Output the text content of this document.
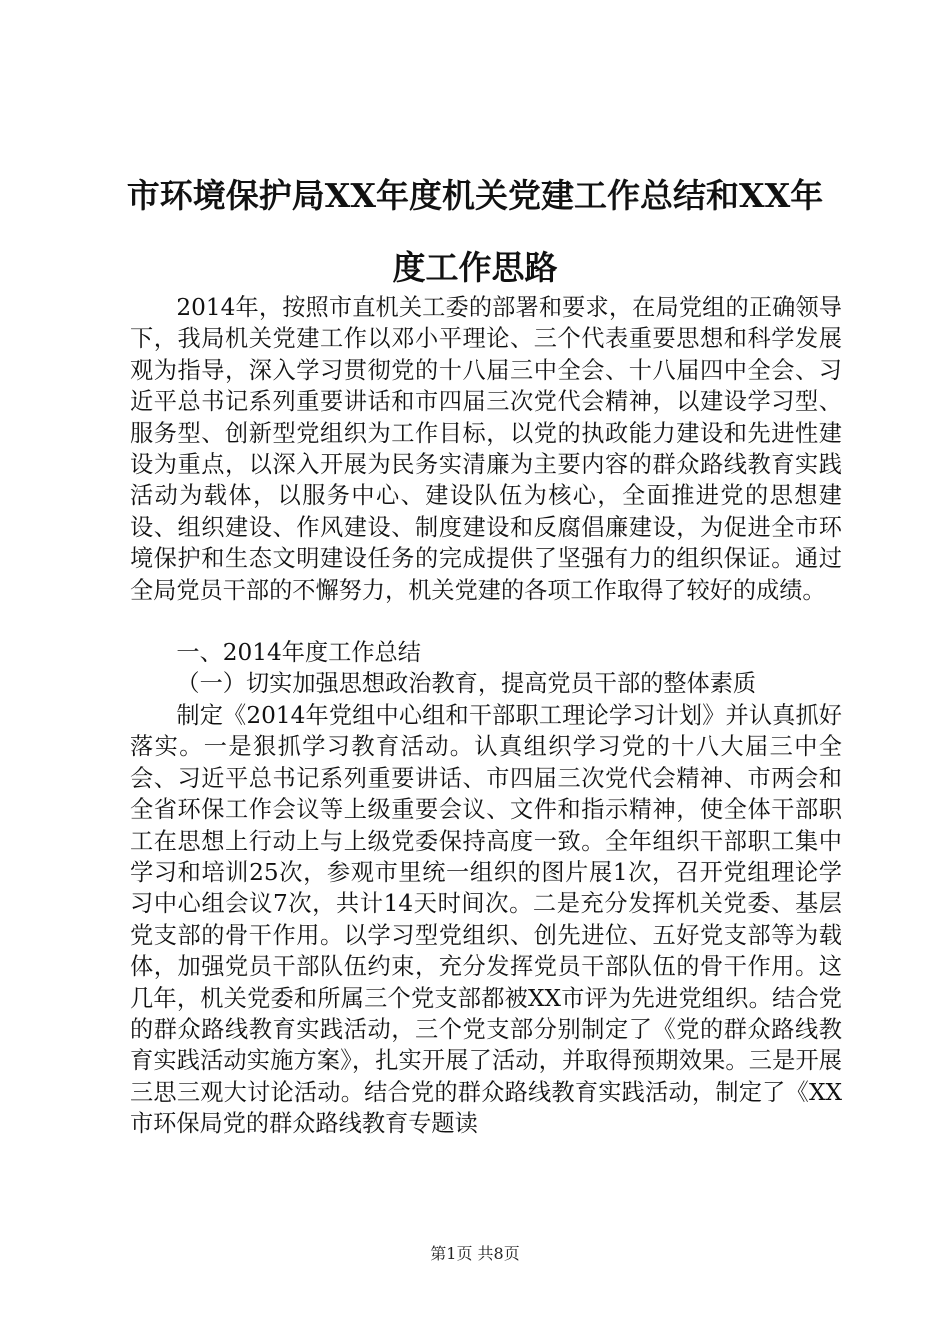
市环境保护局XX年度机关党建工作总结和XX年度工作思路

2014年，按照市直机关工委的部署和要求，在局党组的正确领导下，我局机关党建工作以邓小平理论、三个代表重要思想和科学发展观为指导，深入学习贯彻党的十八届三中全会、十八届四中全会、习近平总书记系列重要讲话和市四届三次党代会精神，以建设学习型、服务型、创新型党组织为工作目标，以党的执政能力建设和先进性建设为重点，以深入开展为民务实清廉为主要内容的群众路线教育实践活动为载体，以服务中心、建设队伍为核心，全面推进党的思想建设、组织建设、作风建设、制度建设和反腐倡廉建设，为促进全市环境保护和生态文明建设任务的完成提供了坚强有力的组织保证。通过全局党员干部的不懈努力，机关党建的各项工作取得了较好的成绩。

一、2014年度工作总结

（一）切实加强思想政治教育，提高党员干部的整体素质

制定《2014年党组中心组和干部职工理论学习计划》并认真抓好落实。一是狠抓学习教育活动。认真组织学习党的十八大届三中全会、习近平总书记系列重要讲话、市四届三次党代会精神、市两会和全省环保工作会议等上级重要会议、文件和指示精神，使全体干部职工在思想上行动上与上级党委保持高度一致。全年组织干部职工集中学习和培训25次，参观市里统一组织的图片展1次，召开党组理论学习中心组会议7次，共计14天时间次。二是充分发挥机关党委、基层党支部的骨干作用。以学习型党组织、创先进位、五好党支部等为载体，加强党员干部队伍约束，充分发挥党员干部队伍的骨干作用。这几年，机关党委和所属三个党支部都被XX市评为先进党组织。结合党的群众路线教育实践活动，三个党支部分别制定了《党的群众路线教育实践活动实施方案》，扎实开展了活动，并取得预期效果。三是开展三思三观大讨论活动。结合党的群众路线教育实践活动，制定了《XX市环保局党的群众路线教育专题读

第1页 共8页
